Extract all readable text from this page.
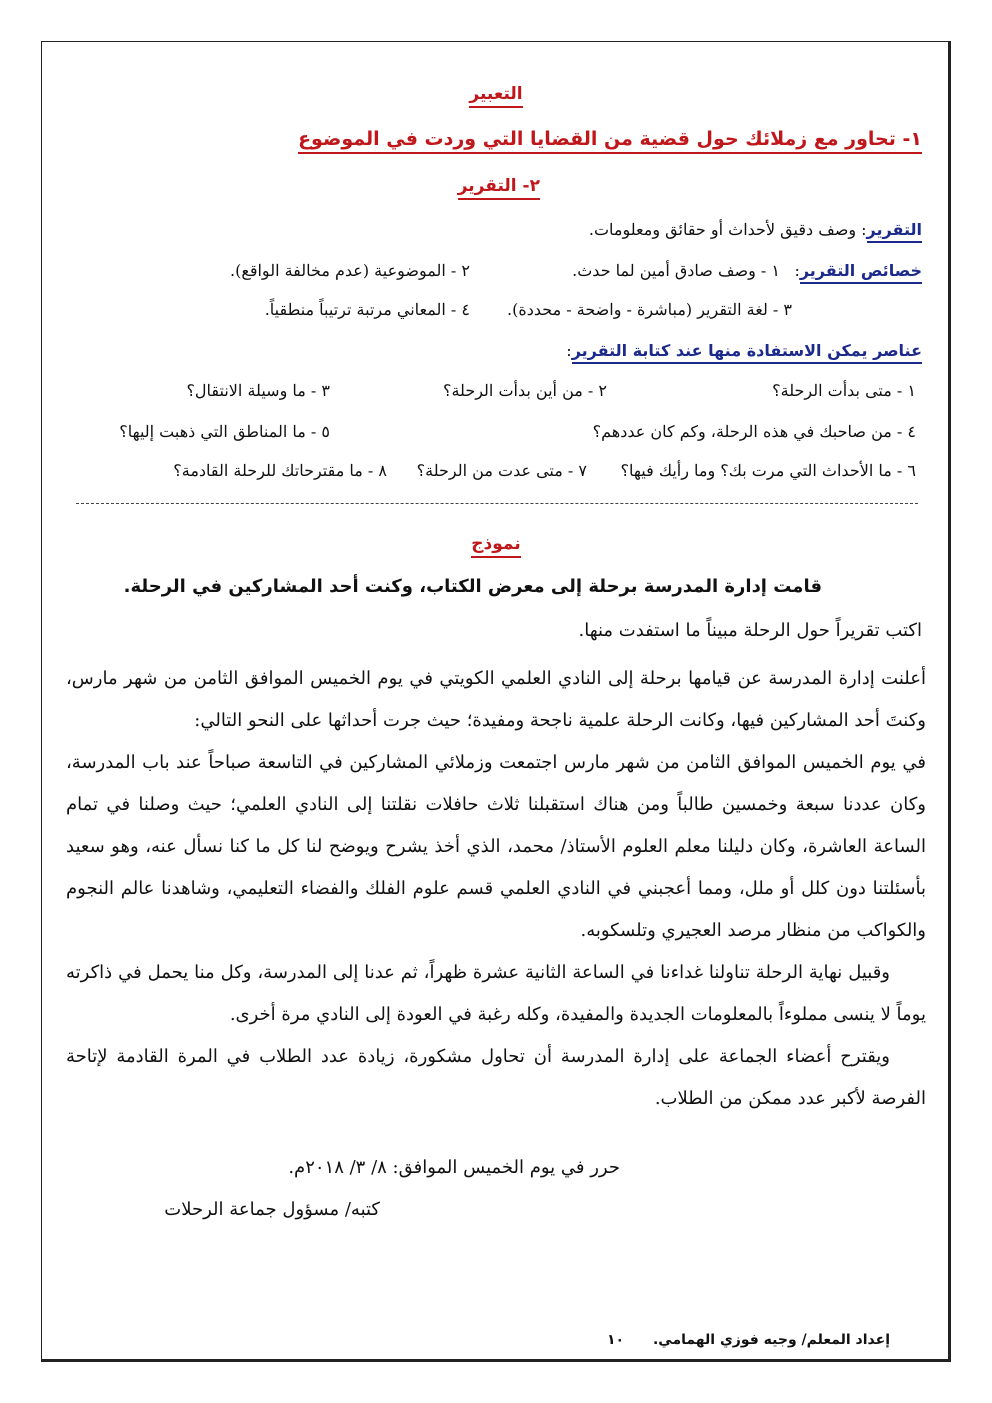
التعبير
١- تحاور مع زملائك حول قضية من القضايا التي وردت في الموضوع
٢- التقرير
التقرير: وصف دقيق لأحداث أو حقائق ومعلومات.
خصائص التقرير:
١ - وصف صادق أمين لما حدث.
٢ - الموضوعية (عدم مخالفة الواقع).
٣ - لغة التقرير (مباشرة - واضحة - محددة).
٤ - المعاني مرتبة ترتيباً منطقياً.
عناصر يمكن الاستفادة منها عند كتابة التقرير:
١ - متى بدأت الرحلة؟
٢ - من أين بدأت الرحلة؟
٣ - ما وسيلة الانتقال؟
٤ - من صاحبك في هذه الرحلة، وكم كان عددهم؟
٥ - ما المناطق التي ذهبت إليها؟
٦ - ما الأحداث التي مرت بك؟ وما رأيك فيها؟
٧ - متى عدت من الرحلة؟
٨ - ما مقترحاتك للرحلة القادمة؟
نموذج
قامت إدارة المدرسة برحلة إلى معرض الكتاب، وكنت أحد المشاركين في الرحلة.
اكتب تقريراً حول الرحلة مبيناً ما استفدت منها.

أعلنت إدارة المدرسة عن قيامها برحلة إلى النادي العلمي الكويتي في يوم الخميس الموافق الثامن من شهر مارس، وكنتَ أحد المشاركين فيها، وكانت الرحلة علمية ناجحة ومفيدة؛ حيث جرت أحداثها على النحو التالي:

في يوم الخميس الموافق الثامن من شهر مارس اجتمعت وزملائي المشاركين في التاسعة صباحاً عند باب المدرسة، وكان عددنا سبعة وخمسين طالباً ومن هناك استقبلنا ثلاث حافلات نقلتنا إلى النادي العلمي؛ حيث وصلنا في تمام الساعة العاشرة، وكان دليلنا معلم العلوم الأستاذ/ محمد، الذي أخذ يشرح ويوضح لنا كل ما كنا نسأل عنه، وهو سعيد بأسئلتنا دون كلل أو ملل، ومما أعجبني في النادي العلمي قسم علوم الفلك والفضاء التعليمي، وشاهدنا عالم النجوم والكواكب من منظار مرصد العجيري وتلسكوبه.

وقبيل نهاية الرحلة تناولنا غداءنا في الساعة الثانية عشرة ظهراً، ثم عدنا إلى المدرسة، وكل منا يحمل في ذاكرته يوماً لا ينسى مملوءاً بالمعلومات الجديدة والمفيدة، وكله رغبة في العودة إلى النادي مرة أخرى.

ويقترح أعضاء الجماعة على إدارة المدرسة أن تحاول مشكورة، زيادة عدد الطلاب في المرة القادمة لإتاحة الفرصة لأكبر عدد ممكن من الطلاب.

حرر في يوم الخميس الموافق: ٨/ ٣/ ٢٠١٨م.
كتبه/ مسؤول جماعة الرحلات
إعداد المعلم/ وجيه فوزي الهمامي. ١٠
